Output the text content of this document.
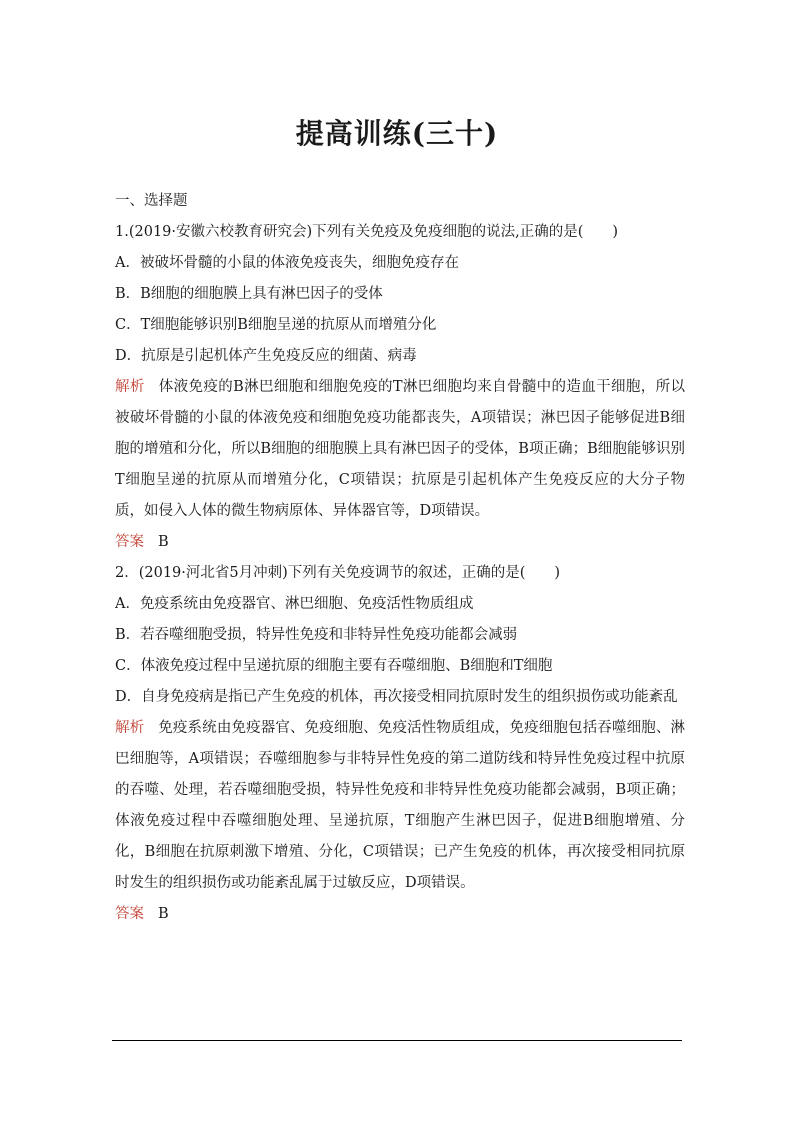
提高训练(三十)
一、选择题
1.(2019·安徽六校教育研究会)下列有关免疫及免疫细胞的说法,正确的是(　　)
A．被破坏骨髓的小鼠的体液免疫丧失，细胞免疫存在
B．B细胞的细胞膜上具有淋巴因子的受体
C．T细胞能够识别B细胞呈递的抗原从而增殖分化
D．抗原是引起机体产生免疫反应的细菌、病毒
解析 体液免疫的B淋巴细胞和细胞免疫的T淋巴细胞均来自骨髓中的造血干细胞，所以被破坏骨髓的小鼠的体液免疫和细胞免疫功能都丧失，A项错误；淋巴因子能够促进B细胞的增殖和分化，所以B细胞的细胞膜上具有淋巴因子的受体，B项正确；B细胞能够识别T细胞呈递的抗原从而增殖分化，C项错误；抗原是引起机体产生免疫反应的大分子物质，如侵入人体的微生物病原体、异体器官等，D项错误。
答案 B
2．(2019·河北省5月冲刺)下列有关免疫调节的叙述，正确的是(　　)
A．免疫系统由免疫器官、淋巴细胞、免疫活性物质组成
B．若吞噬细胞受损，特异性免疫和非特异性免疫功能都会减弱
C．体液免疫过程中呈递抗原的细胞主要有吞噬细胞、B细胞和T细胞
D．自身免疫病是指已产生免疫的机体，再次接受相同抗原时发生的组织损伤或功能紊乱
解析 免疫系统由免疫器官、免疫细胞、免疫活性物质组成，免疫细胞包括吞噬细胞、淋巴细胞等，A项错误；吞噬细胞参与非特异性免疫的第二道防线和特异性免疫过程中抗原的吞噬、处理，若吞噬细胞受损，特异性免疫和非特异性免疫功能都会减弱，B项正确；体液免疫过程中吞噬细胞处理、呈递抗原，T细胞产生淋巴因子，促进B细胞增殖、分化，B细胞在抗原刺激下增殖、分化，C项错误；已产生免疫的机体，再次接受相同抗原时发生的组织损伤或功能紊乱属于过敏反应，D项错误。
答案 B
